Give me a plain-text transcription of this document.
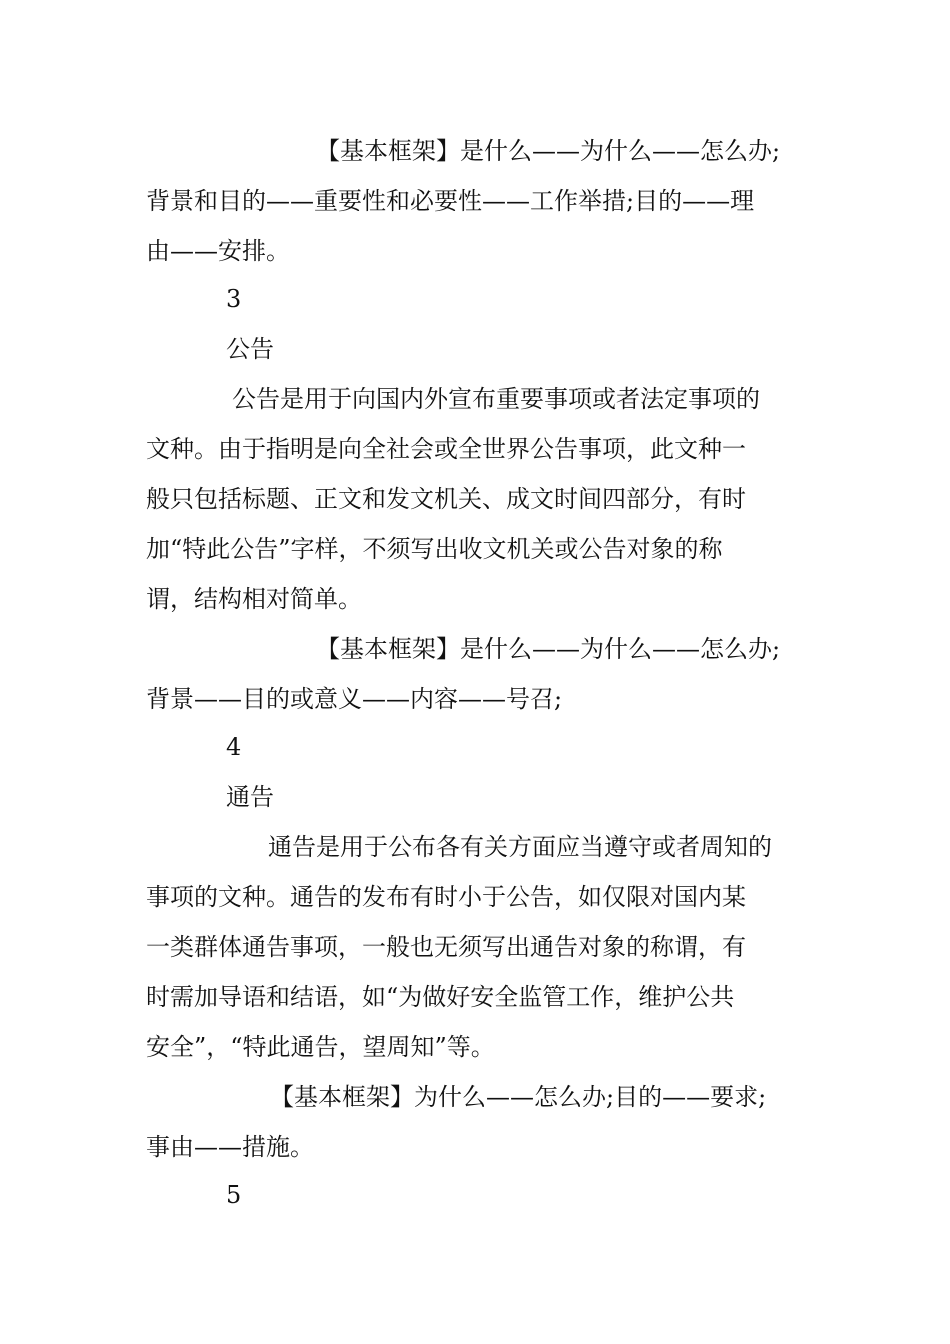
【基本框架】是什么——为什么——怎么办;
背景和目的——重要性和必要性——工作举措;目的——理
由——安排。
3
公告
公告是用于向国内外宣布重要事项或者法定事项的
文种。由于指明是向全社会或全世界公告事项，此文种一
般只包括标题、正文和发文机关、成文时间四部分，有时
加“特此公告”字样，不须写出收文机关或公告对象的称
谓，结构相对简单。
【基本框架】是什么——为什么——怎么办;
背景——目的或意义——内容——号召;
4
通告
通告是用于公布各有关方面应当遵守或者周知的
事项的文种。通告的发布有时小于公告，如仅限对国内某
一类群体通告事项，一般也无须写出通告对象的称谓，有
时需加导语和结语，如“为做好安全监管工作，维护公共
安全”，“特此通告，望周知”等。
【基本框架】为什么——怎么办;目的——要求;
事由——措施。
5
